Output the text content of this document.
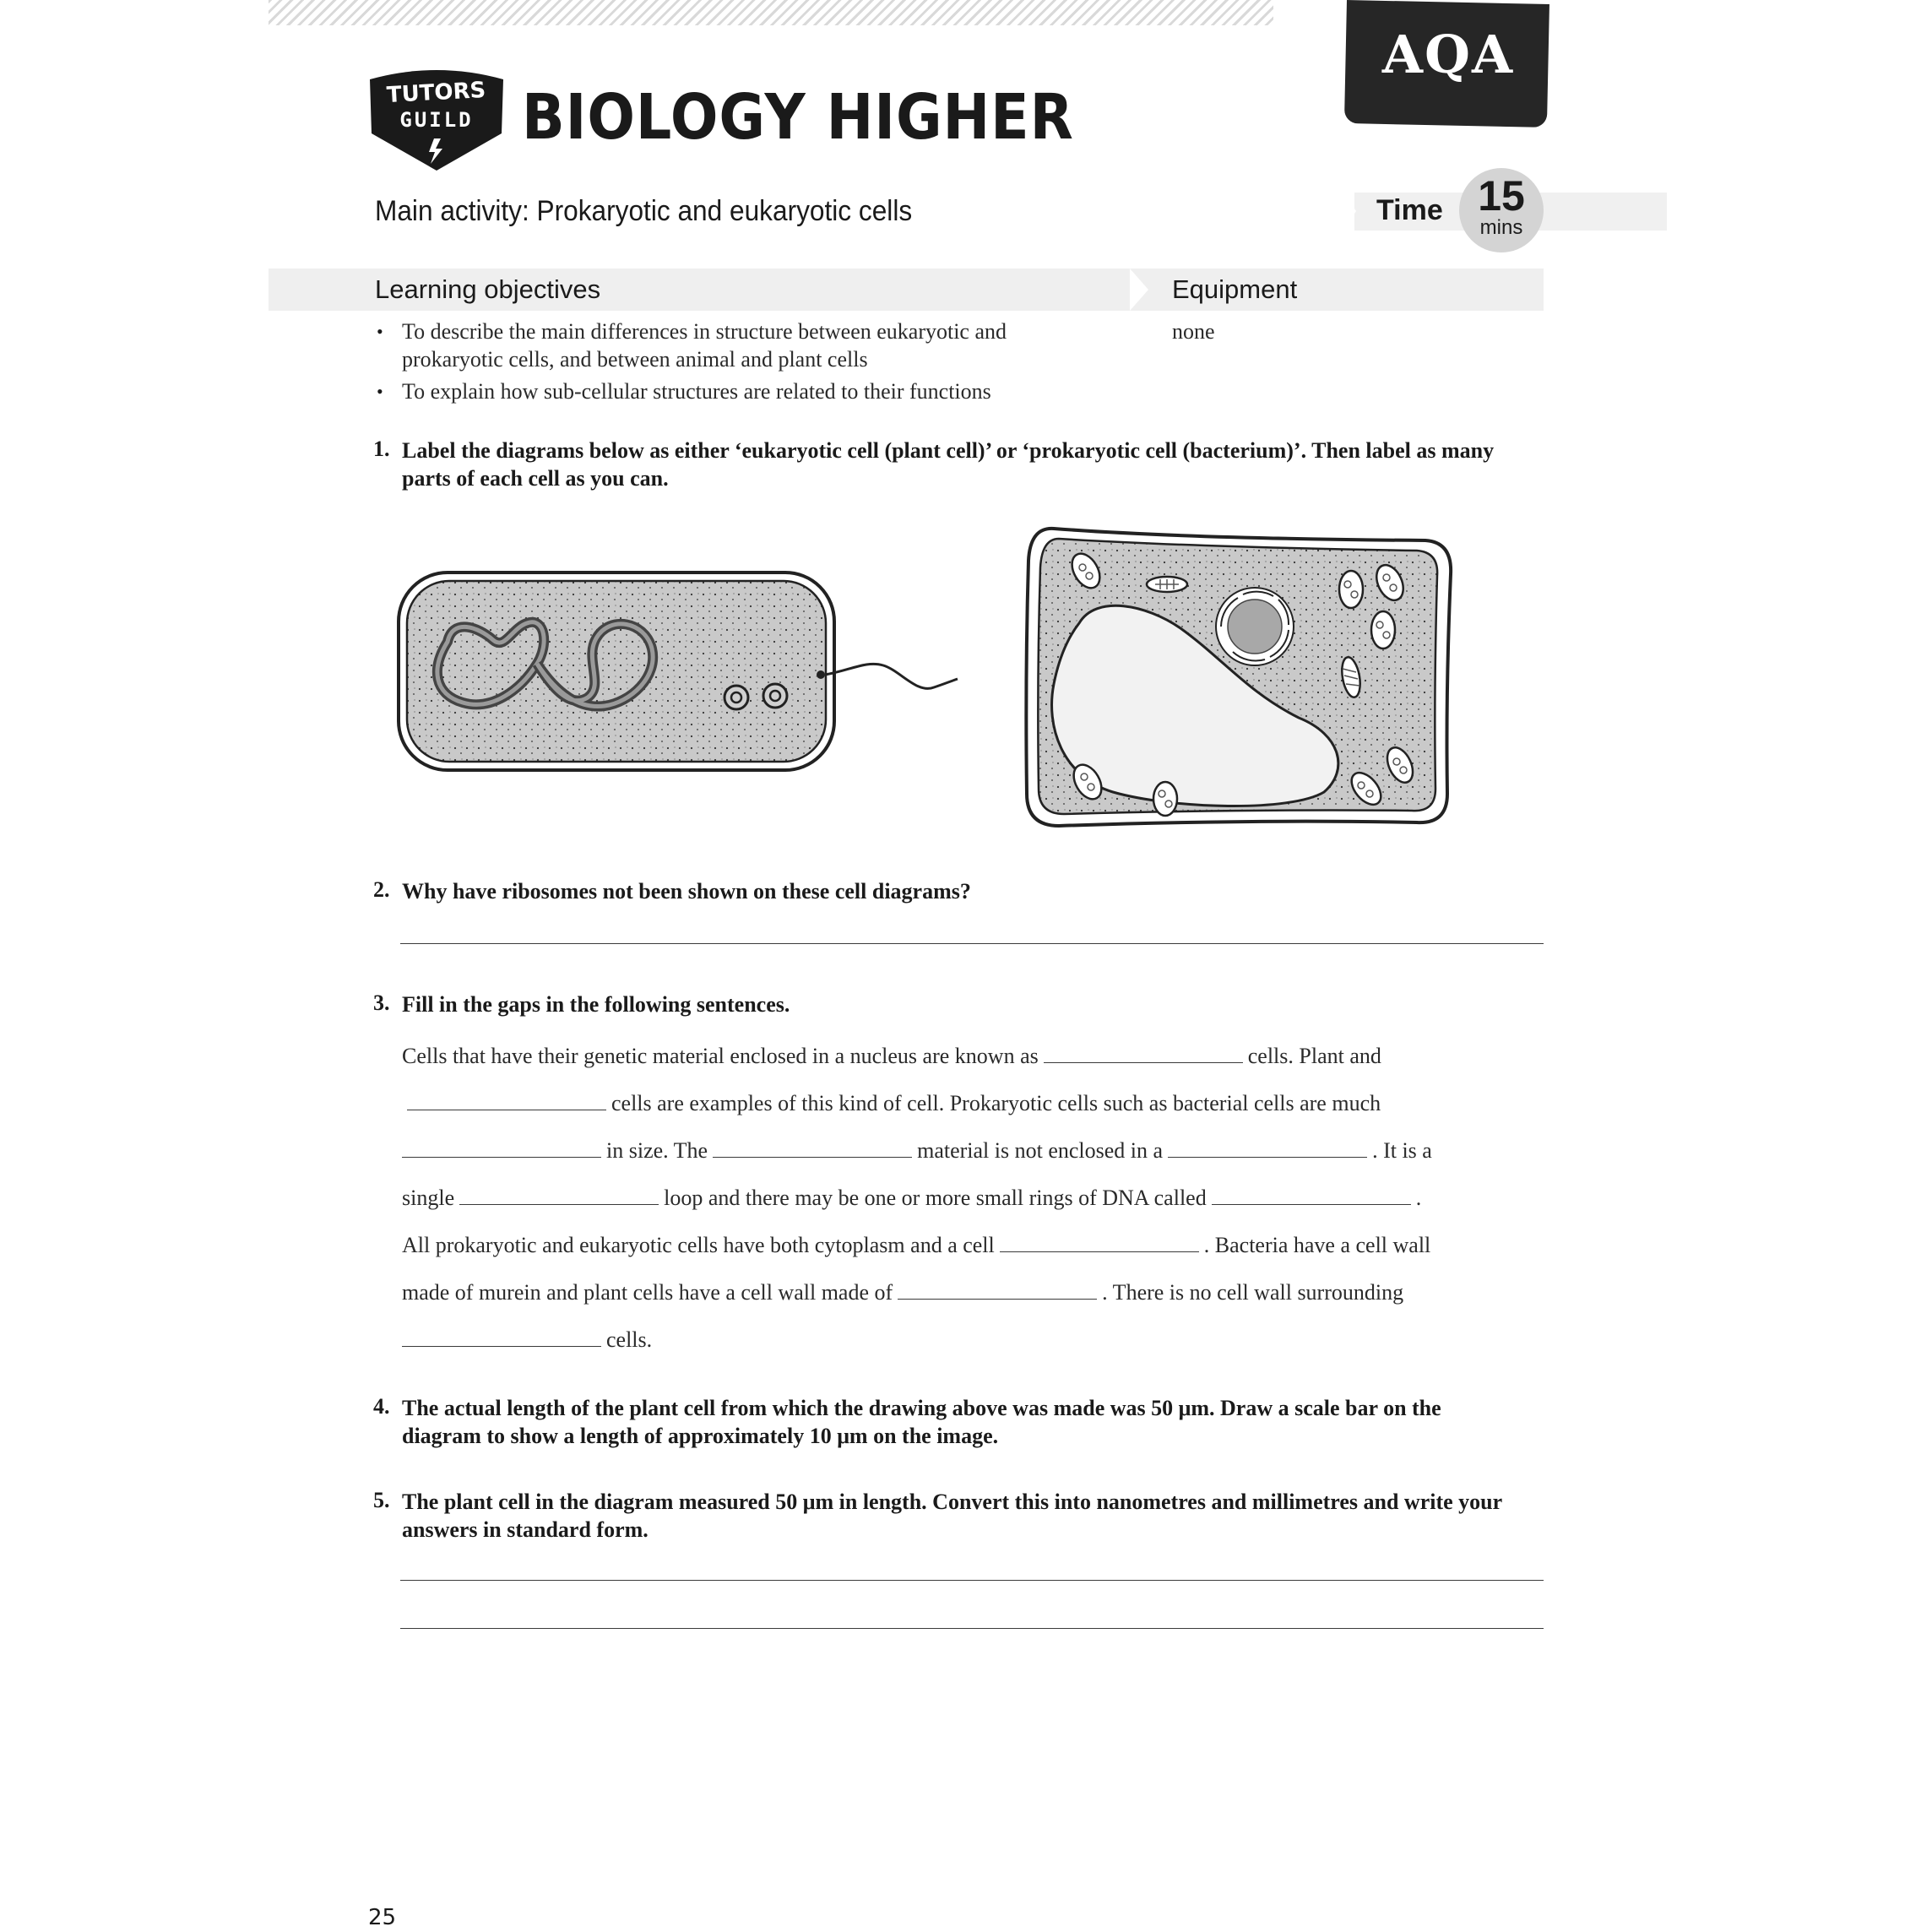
AQA
TUTORS
GUILD BIOLOGY HIGHER
Main activity: Prokaryotic and eukaryotic cells	Time 15
mins
Learning objectives	Equipment
• To describe the main differences in structure between eukaryotic and
prokaryotic cells, and between animal and plant cells
• To explain how sub-cellular structures are related to their functions
none
1. Label the diagrams below as either ‘eukaryotic cell (plant cell)’ or ‘prokaryotic cell (bacterium)’. Then label as many
parts of each cell as you can.
2. Why have ribosomes not been shown on these cell diagrams?
3. Fill in the gaps in the following sentences.
Cells that have their genetic material enclosed in a nucleus are known as	cells. Plant and
cells are examples of this kind of cell. Prokaryotic cells such as bacterial cells are much
in size. The	material is not enclosed in a	. It is a
single	loop and there may be one or more small rings of DNA called	.
All prokaryotic and eukaryotic cells have both cytoplasm and a cell	. Bacteria have a cell wall
made of murein and plant cells have a cell wall made of	. There is no cell wall surrounding
cells.
4. The actual length of the plant cell from which the drawing above was made was 50 μm. Draw a scale bar on the
diagram to show a length of approximately 10 μm on the image.
5. The plant cell in the diagram measured 50 μm in length. Convert this into nanometres and millimetres and write your
answers in standard form.
25
